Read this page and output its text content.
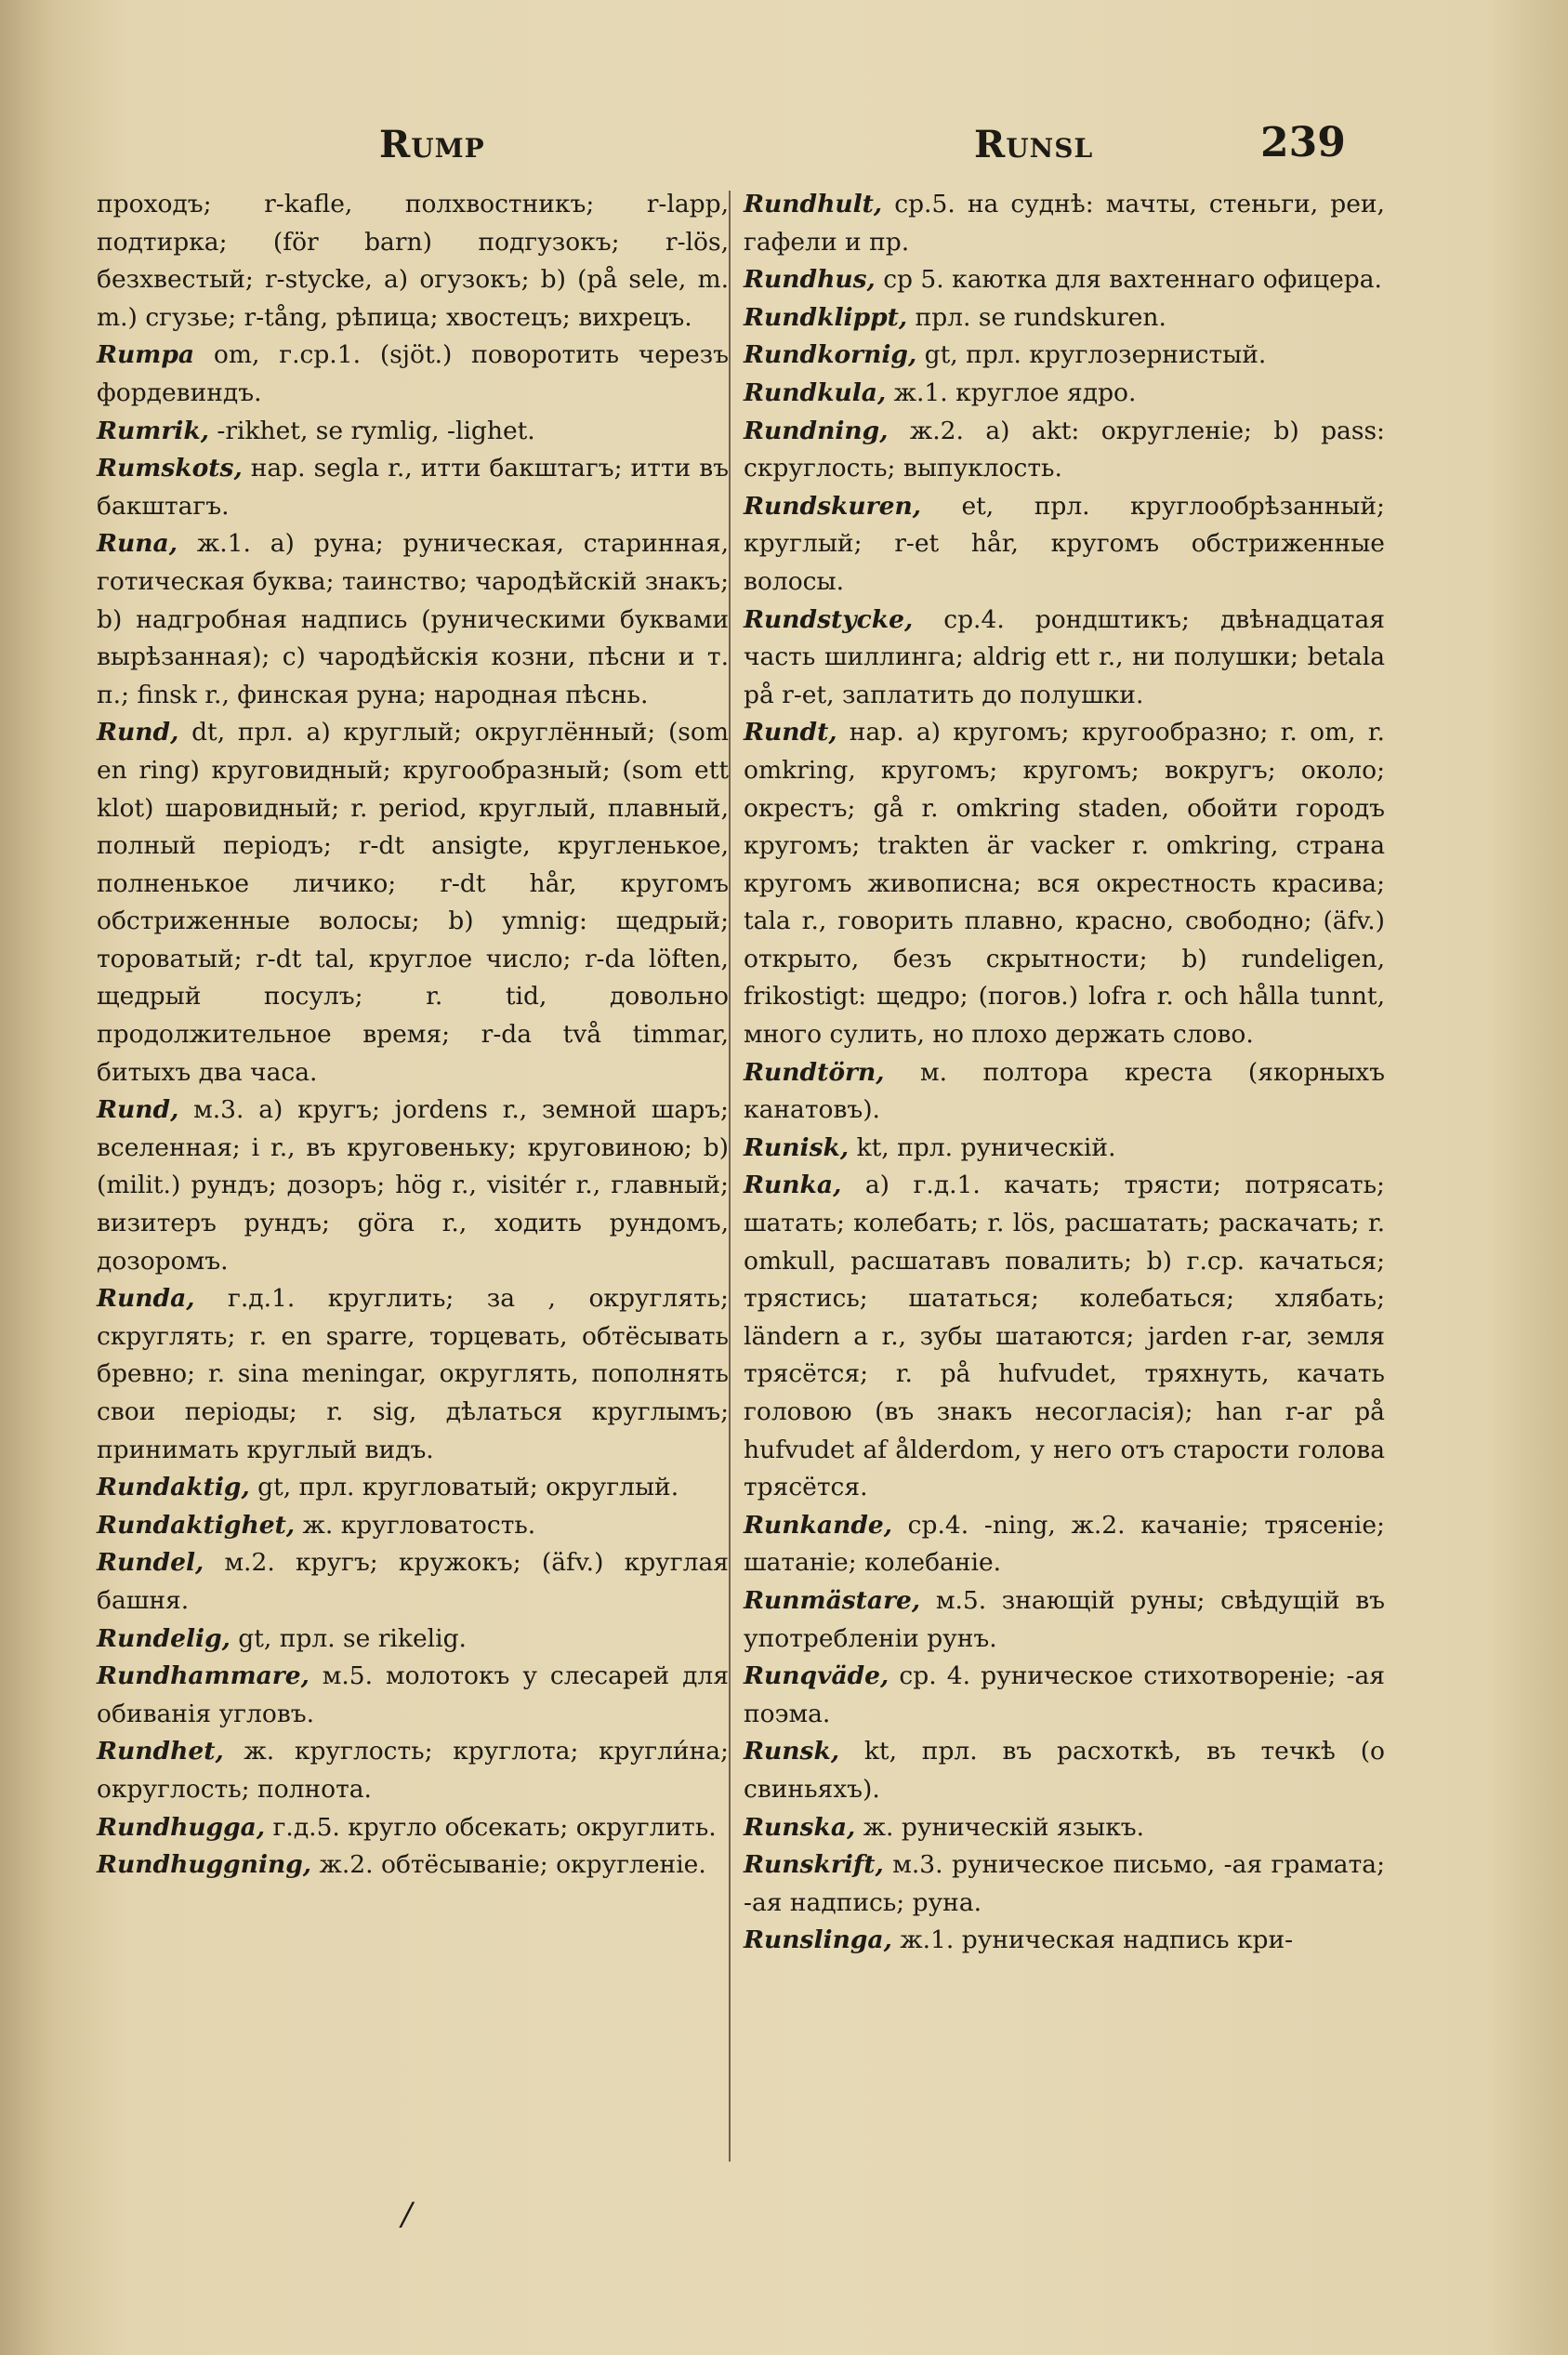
Rump	Runsl	239

проходъ; r-kafle, полхвостникъ; r-lapp, подтирка; (för barn) подгузокъ; r-lös, безхвестый; r-stycke, a) огузокъ; b) (på sele, m. m.) сгузье; r-tång, рѣпица; хвостецъ; вихрецъ.

Rumpa om, г.ср.1. (sjöt.) поворотить черезъ фордевиндъ.

Rumrik, -rikhet, se rymlig, -lighet.

Rumskots, нар. segla r., итти бакштагъ; итти въ бакштагъ.

Runa, ж.1. a) руна; руническая, старинная, готическая буква; таинство; чародѣйскій знакъ; b) надгробная надпись (руническими буквами вырѣзанная); c) чародѣйскія козни, пѣсни и т. п.; finsk r., финская руна; народная пѣснь.

Rund, dt, прл. a) круглый; округлённый; (som en ring) круговидный; кругообразный; (som ett klot) шаровидный; r. period, круглый, плавный, полный періодъ; r-dt ansigte, кругленькое, полненькое личико; r-dt hår, кругомъ обстриженные волосы; b) ymnig: щедрый; тороватый; r-dt tal, круглое число; r-da löften, щедрый посулъ; r. tid, довольно продолжительное время; r-da två timmar, битыхъ два часа.

Rund, м.3. a) кругъ; jordens r., земной шаръ; вселенная; i r., въ круговеньку; круговиною; b) (milit.) рундъ; дозоръ; hög r., visitér r., главный; визитеръ рундъ; göra r., ходить рундомъ, дозоромъ.

Runda, г.д.1. круглить; за , округлять; скруглять; r. en sparre, торцевать, обтёсывать бревно; r. sina meningar, округлять, пополнять свои періоды; r. sig, дѣлаться круглымъ; принимать круглый видъ.

Rundaktig, gt, прл. кругловатый; округлый.

Rundaktighet, ж. кругловатость.

Rundel, м.2. кругъ; кружокъ; (äfv.) круглая башня.

Rundelig, gt, прл. se rikelig.

Rundhammare, м.5. молотокъ у слесарей для обиванія угловъ.

Rundhet, ж. круглость; круглота; кругли́на; округлость; полнота.

Rundhugga, г.д.5. кругло обсекать; округлить.

Rundhuggning, ж.2. обтёсываніе; округленіе.

Rundhult, ср.5. на суднѣ: мачты, стеньги, реи, гафели и пр.

Rundhus, ср 5. каютка для вахтеннаго офицера.

Rundklippt, прл. se rundskuren.

Rundkornig, gt, прл. круглозернистый.

Rundkula, ж.1. круглое ядро.

Rundning, ж.2. a) akt: округленіе; b) pass: скруглость; выпуклость.

Rundskuren, et, прл. круглообрѣзанный; круглый; r-et hår, кругомъ обстриженные волосы.

Rundstycke, ср.4. рондштикъ; двѣнадцатая часть шиллинга; aldrig ett r., ни полушки; betala på r-et, заплатить до полушки.

Rundt, нар. a) кругомъ; кругообразно; r. om, r. omkring, кругомъ; кругомъ; вокругъ; около; окрестъ; gå r. omkring staden, обойти городъ кругомъ; trakten är vacker r. omkring, страна кругомъ живописна; вся окрестность красива; tala r., говорить плавно, красно, свободно; (äfv.) открыто, безъ скрытности; b) rundeligen, frikostigt: щедро; (погов.) lofra r. och hålla tunnt, много сулить, но плохо держать слово.

Rundtörn, м. полтора креста (якорныхъ канатовъ).

Runisk, kt, прл. руническій.

Runka, a) г.д.1. качать; трясти; потрясать; шатать; колебать; r. lös, расшатать; раскачать; r. omkull, расшатавъ повалить; b) г.ср. качаться; трястись; шататься; колебаться; хлябать; ländern а r., зубы шатаются; jarden r-ar, земля трясётся; r. på hufvudet, тряхнуть, качать головою (въ знакъ несогласія); han r-ar på hufvudet af ålderdom, у него отъ старости голова трясётся.

Runkande, ср.4. -ning, ж.2. качаніе; трясеніе; шатаніе; колебаніе.

Runmästare, м.5. знающій руны; свѣдущій въ употребленіи рунъ.

Runqväde, ср. 4. руническое стихотвореніе; -ая поэма.

Runsk, kt, прл. въ расхоткѣ, въ течкѣ (о свиньяхъ).

Runska, ж. руническій языкъ.

Runskrift, м.3. руническое письмо, -ая грамата; -ая надпись; руна.

Runslinga, ж.1. руническая надпись кри-

/
